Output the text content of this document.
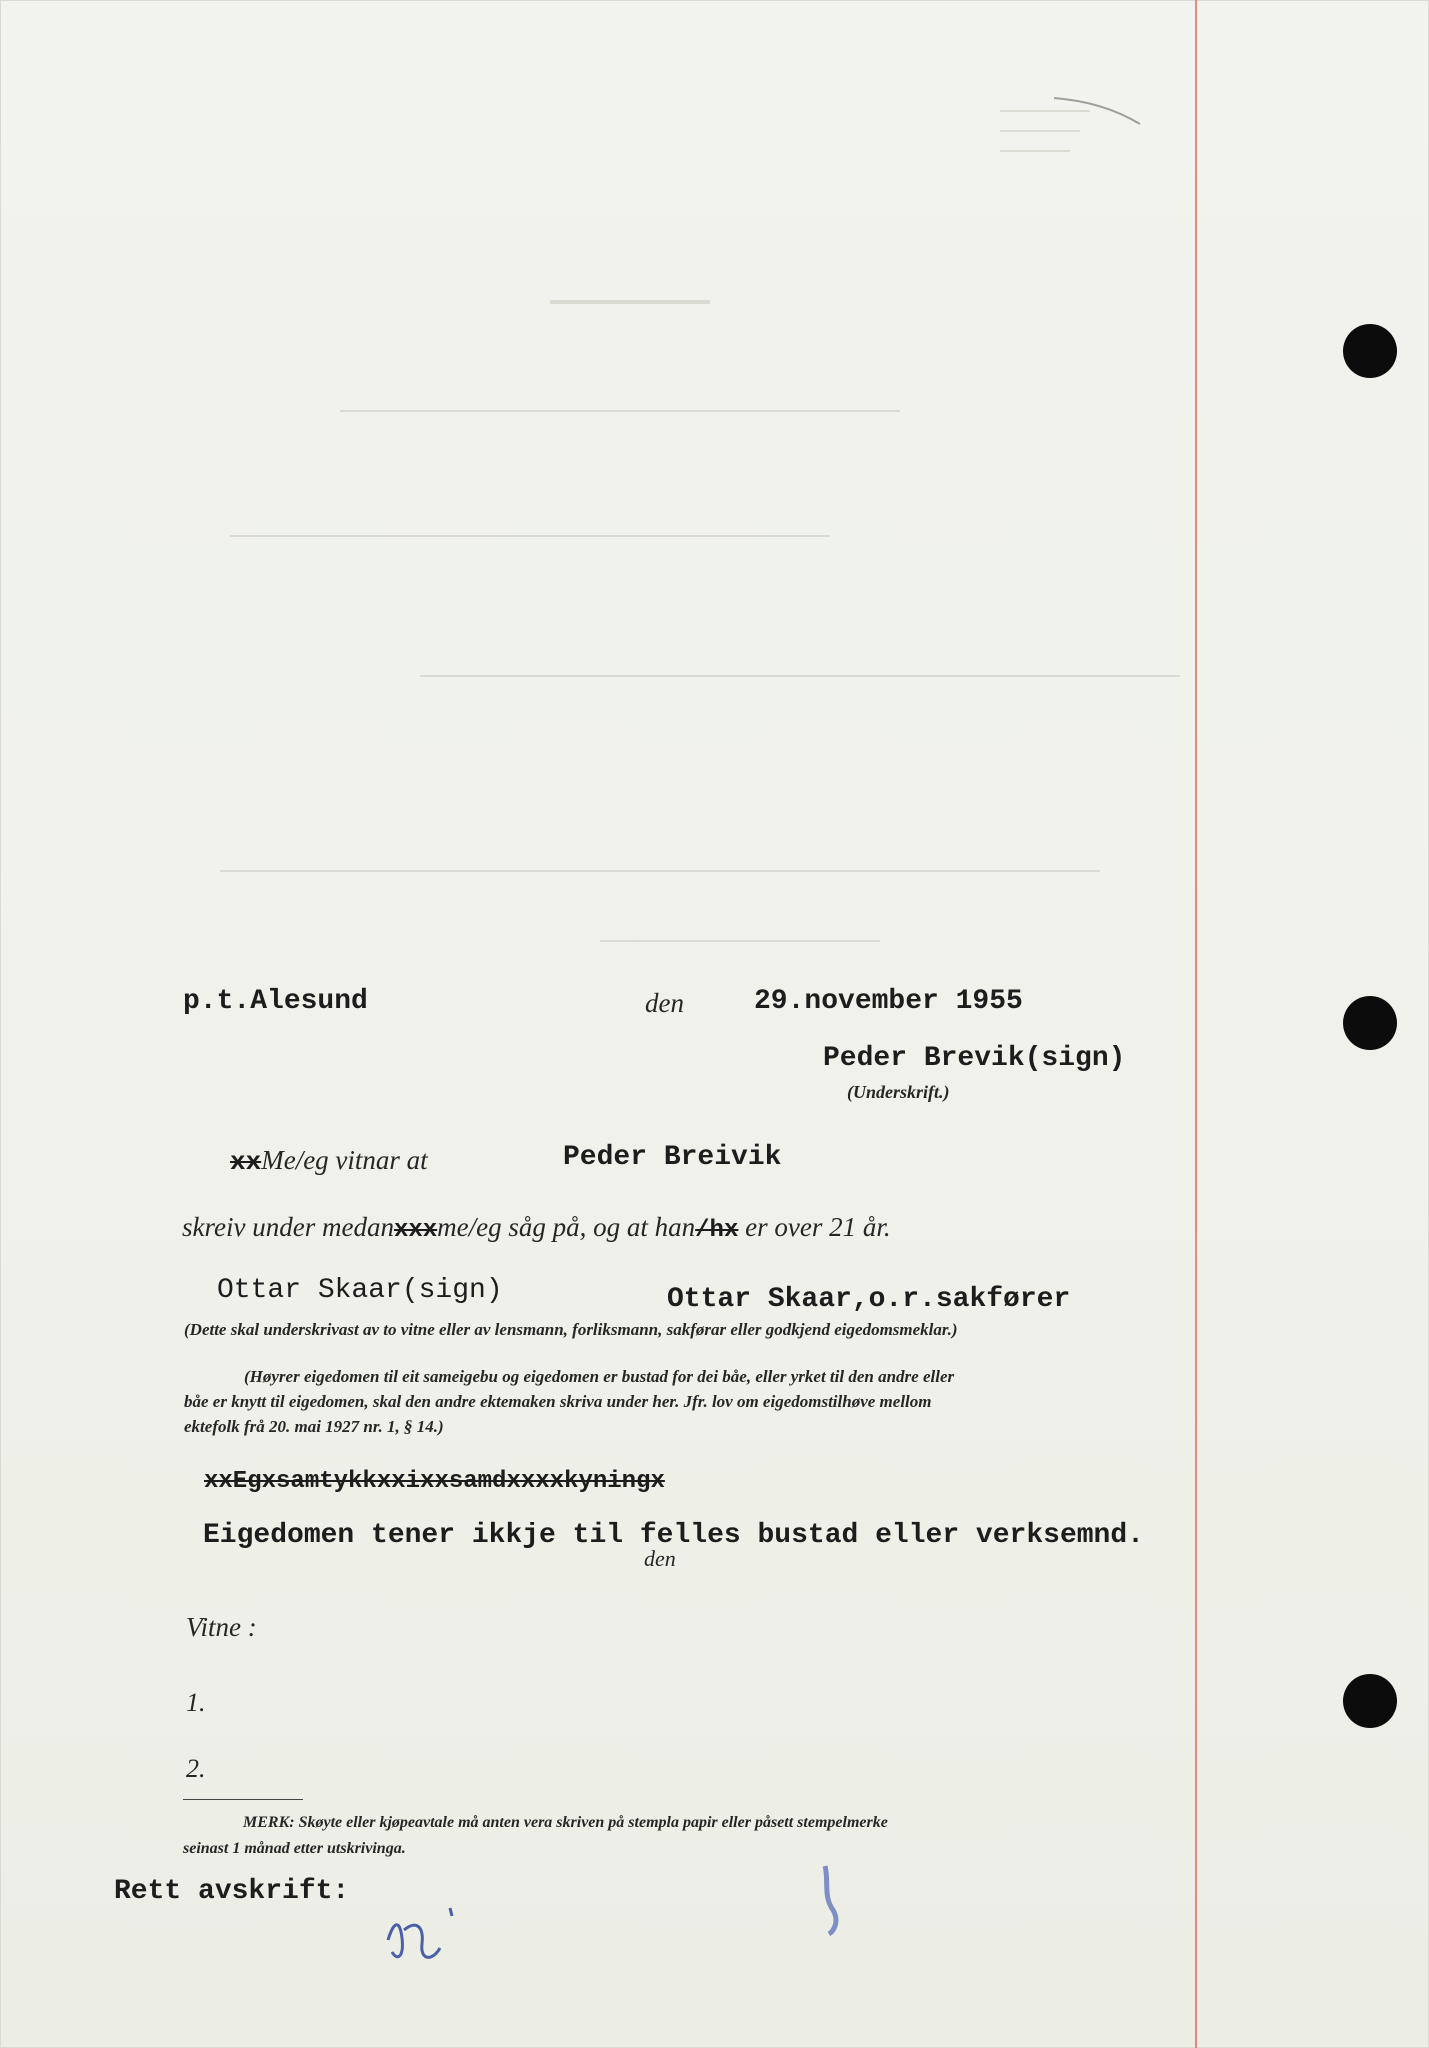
p.t.Alesund	den	29.november 1955
Peder Brevik(sign)
(Underskrift.)
xxMe/eg vitnar at	Peder Breivik
skreiv under medanxxxme/eg såg på, og at han/hx er over 21 år.
Ottar Skaar(sign)	Ottar Skaar,o.r.sakfører
(Dette skal underskrivast av to vitne eller av lensmann, forliksmann, sakførar eller godkjend eigedomsmeklar.)
(Høyrer eigedomen til eit sameigebu og eigedomen er bustad for dei båe, eller yrket til den andre eller
båe er knytt til eigedomen, skal den andre ektemaken skriva under her. Jfr. lov om eigedomstilhøve mellom
ektefolk frå 20. mai 1927 nr. 1, § 14.)
xxEgxsamtykkxxixxsamdxxxxkyningx
Eigedomen tener ikkje til felles bustad eller verksemnd.
den
Vitne :
1.
2.
MERK: Skøyte eller kjøpeavtale må anten vera skriven på stempla papir eller påsett stempelmerke
seinast 1 månad etter utskrivinga.
Rett avskrift:
